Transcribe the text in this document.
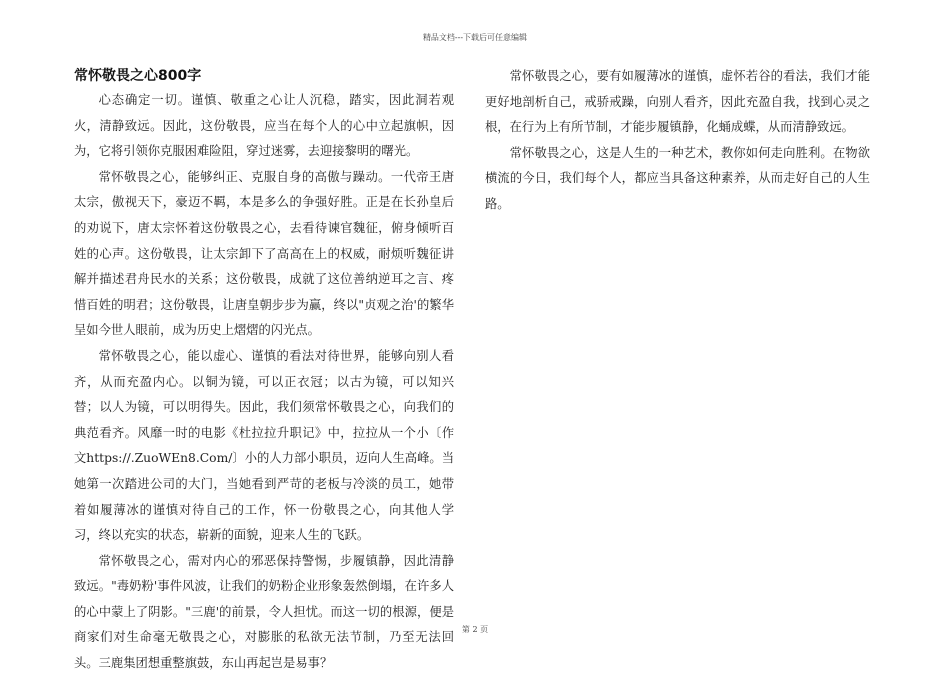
精品文档---下载后可任意编辑
常怀敬畏之心800字

心态确定一切。谨慎、敬重之心让人沉稳，踏实，因此洞若观火，清静致远。因此，这份敬畏，应当在每个人的心中立起旗帜，因为，它将引领你克服困难险阻，穿过迷雾，去迎接黎明的曙光。

常怀敬畏之心，能够纠正、克服自身的高傲与躁动。一代帝王唐太宗，傲视天下，豪迈不羁，本是多么的争强好胜。正是在长孙皇后的劝说下，唐太宗怀着这份敬畏之心，去看待谏官魏征，俯身倾听百姓的心声。这份敬畏，让太宗卸下了高高在上的权威，耐烦听魏征讲解并描述君舟民水的关系；这份敬畏，成就了这位善纳逆耳之言、疼惜百姓的明君；这份敬畏，让唐皇朝步步为赢，终以"贞观之治'的繁华呈如今世人眼前，成为历史上熠熠的闪光点。

常怀敬畏之心，能以虚心、谨慎的看法对待世界，能够向别人看齐，从而充盈内心。以铜为镜，可以正衣冠；以古为镜，可以知兴替；以人为镜，可以明得失。因此，我们须常怀敬畏之心，向我们的典范看齐。风靡一时的电影《杜拉拉升职记》中，拉拉从一个小〔作文https://.ZuoWEn8.Com/〕小的人力部小职员，迈向人生高峰。当她第一次踏进公司的大门，当她看到严苛的老板与冷淡的员工，她带着如履薄冰的谨慎对待自己的工作，怀一份敬畏之心，向其他人学习，终以充实的状态，崭新的面貌，迎来人生的飞跃。

常怀敬畏之心，需对内心的邪恶保持警惕，步履镇静，因此清静致远。"毒奶粉'事件风波，让我们的奶粉企业形象轰然倒塌，在许多人的心中蒙上了阴影。"三鹿'的前景，令人担忧。而这一切的根源，便是商家们对生命毫无敬畏之心，对膨胀的私欲无法节制，乃至无法回头。三鹿集团想重整旗鼓，东山再起岂是易事？

常怀敬畏之心，要有如履薄冰的谨慎，虚怀若谷的看法，我们才能更好地剖析自己，戒骄戒躁，向别人看齐，因此充盈自我，找到心灵之根，在行为上有所节制，才能步履镇静，化蛹成蝶，从而清静致远。

常怀敬畏之心，这是人生的一种艺术，教你如何走向胜利。在物欲横流的今日，我们每个人，都应当具备这种素养，从而走好自己的人生路。

第 2 页
